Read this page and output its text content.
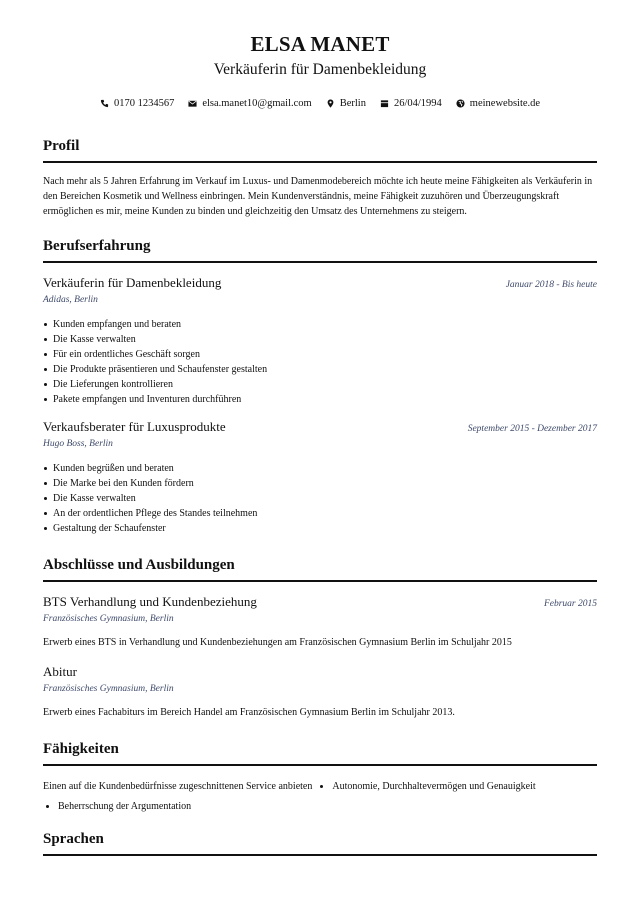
ELSA MANET
Verkäuferin für Damenbekleidung
0170 1234567	elsa.manet10@gmail.com	Berlin	26/04/1994	meinewebsite.de
Profil
Nach mehr als 5 Jahren Erfahrung im Verkauf im Luxus- und Damenmodebereich möchte ich heute meine Fähigkeiten als Verkäuferin in den Bereichen Kosmetik und Wellness einbringen. Mein Kundenverständnis, meine Fähigkeit zuzuhören und Überzeugungskraft ermöglichen es mir, meine Kunden zu binden und gleichzeitig den Umsatz des Unternehmens zu steigern.
Berufserfahrung
Verkäuferin für Damenbekleidung	Januar 2018 - Bis heute
Adidas, Berlin
Kunden empfangen und beraten
Die Kasse verwalten
Für ein ordentliches Geschäft sorgen
Die Produkte präsentieren und Schaufenster gestalten
Die Lieferungen kontrollieren
Pakete empfangen und Inventuren durchführen
Verkaufsberater für Luxusprodukte	September 2015 - Dezember 2017
Hugo Boss, Berlin
Kunden begrüßen und beraten
Die Marke bei den Kunden fördern
Die Kasse verwalten
An der ordentlichen Pflege des Standes teilnehmen
Gestaltung der Schaufenster
Abschlüsse und Ausbildungen
BTS Verhandlung und Kundenbeziehung	Februar 2015
Französisches Gymnasium, Berlin
Erwerb eines BTS in Verhandlung und Kundenbeziehungen am Französischen Gymnasium Berlin im Schuljahr 2015
Abitur
Französisches Gymnasium, Berlin
Erwerb eines Fachabiturs im Bereich Handel am Französischen Gymnasium Berlin im Schuljahr 2013.
Fähigkeiten
Einen auf die Kundenbedürfnisse zugeschnittenen Service anbieten Autonomie, Durchhaltevermögen und Genauigkeit
Beherrschung der Argumentation
Sprachen
